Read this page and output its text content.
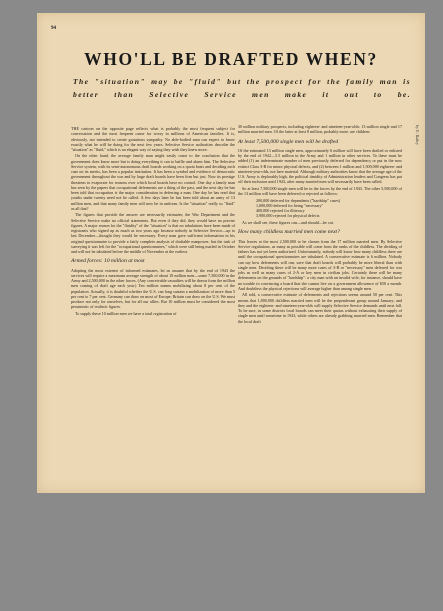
94
WHO'LL BE DRAFTED WHEN?
The "situation" may be "fluid" but the prospect for the family man is better than Selective Service men make it out to be.
by E. Bailey

THE cartoon on the opposite page reflects what is probably the most frequent subject for conversation and the most frequent cause for worry in millions of American families. It is, obviously, not intended to create gratuitous sympathy. No able-bodied man can expect to know exactly what he will be doing for the next few years. Selective Service authorities describe the "situation" as "fluid," which is an elegant way of saying they wish they knew more.

On the other hand, the average family man might easily come to the conclusion that the government does know more but is doing everything it can to baffle and alarm him. The Selective Service system, with its semi-autonomous draft boards working on a quota basis and deciding each case on its merits, has been a popular institution. It has been a symbol and evidence of democratic government throughout the war and by large draft boards have been firm but just. Now its prestige threatens to evaporate for reasons over which local boards have no control. One day a family man has seen by the papers that occupational deferments are a thing of the past, and the next day he has been told that occupation is the major consideration in deferring a man. One day he has read that youths under twenty need not be called. A few days later he has been told about an army of 13 million men, and that many family men will now be in uniform. Is the "situation" really so "fluid" as all that?

The figures that provide the answer are necessarily estimates; the War Department and the Selective Service make no official statements. But even if they did, they would have no precise figures. A major reason for the "fluidity" of the "situation" is that no tabulations have been made of registrants who signed up as much as two years ago because nobody in Selective Service—up to last December—thought they would be necessary. Every man gave sufficient information in his original questionnaire to provide a fairly complete analysis of draftable manpower, but the task of surveying it was left for the "occupational questionnaires," which were still being mailed in October and will not be tabulated before the middle of November at the earliest.

Armed forces: 10 million at most

Adopting the most extreme of informed estimates, let us assume that by the end of 1943 the services will require a maximum average strength of about 10 million men—some 7,500,000 in the Army and 2,500,000 in the other forces. (Any conceivable casualties will be drawn from the million men coming of draft age each year.) Ten million means mobilizing about 8 per cent of the population. Actually, it is doubtful whether the U.S. can long sustain a mobilization of more than 5 per cent to 7 per cent. Germany can draw on most of Europe; Britain can draw on the U.S. We must produce not only for ourselves, but for all our allies. But 10 million must be considered the most pessimistic of realistic figures.

To supply these 10 million men we have a total registration of

30 million military prospects, including eighteen- and nineteen-year-olds: 13 million single and 17 million married men. Of the latter at least 8 million, probably more, are children.

At least 7,500,000 single men will be drafted

Of the estimated 13 million single men, approximately 6 million will have been drafted or enlisted by the end of 1942—5.5 million in the Army and 1 million in other services. To these must be added (1) an indeterminate number of men previously deferred for dependency or put in the now extinct Class 3-B for minor physical defects, and (2) between 1 million and 1,500,000 eighteen- and nineteen-year-olds, not here material. Although military authorities know that the average age of the U.S. Army is deplorably high, the political timidity of Administration leaders and Congress has put off their inclusion until 1943, after many married men will necessarily have been called.

So at least 7,500,000 single men will be in the forces by the end of 1943. The other 5,500,000 of the 13 million will have been deferred or rejected as follows:

200,000 deferred for dependents ("hardship" cases)
1,000,000 deferred for being "necessary"
400,000 rejected for illiteracy
3,900,000 rejected for physical defects

As we shall see, these figures can—and should—be cut.

How many childless married men come next?

This leaves at the most 2,500,000 to be chosen from the 17 million married men. By Selective Service regulations, as many as possible will come from the ranks of the childless. The dividing of fathers has not yet been authorized. Unfortunately, nobody will know how many childless there are until the occupational questionnaires are tabulated. A conservative estimate is 6 million. Nobody can say how deferments will run, save that draft boards will probably be more liberal than with single men. Deciding there will be many more cases of 3-B or "necessary" men deferred for war jobs as well as many cases of 2-A or key men in civilian jobs. Certainly there will be many deferments on the grounds of "hardship": a city man with an invalid wife, for instance, should have no trouble in convincing a board that she cannot live on a government allowance of $50 a month. And doubtless the physical rejections will average higher than among single men.

All told, a conservative estimate of deferments and rejections seems around 50 per cent. This means that 1,800,000 childless married men will be the preponderant group around January; and they and the eighteen- and nineteen-year-olds will supply Selective Service demands until next fall. To be sure, in some districts local boards can meet their quotas without exhausting their supply of single men until sometime in 1943, while others are already grabbing married men. Remember that the local draft
